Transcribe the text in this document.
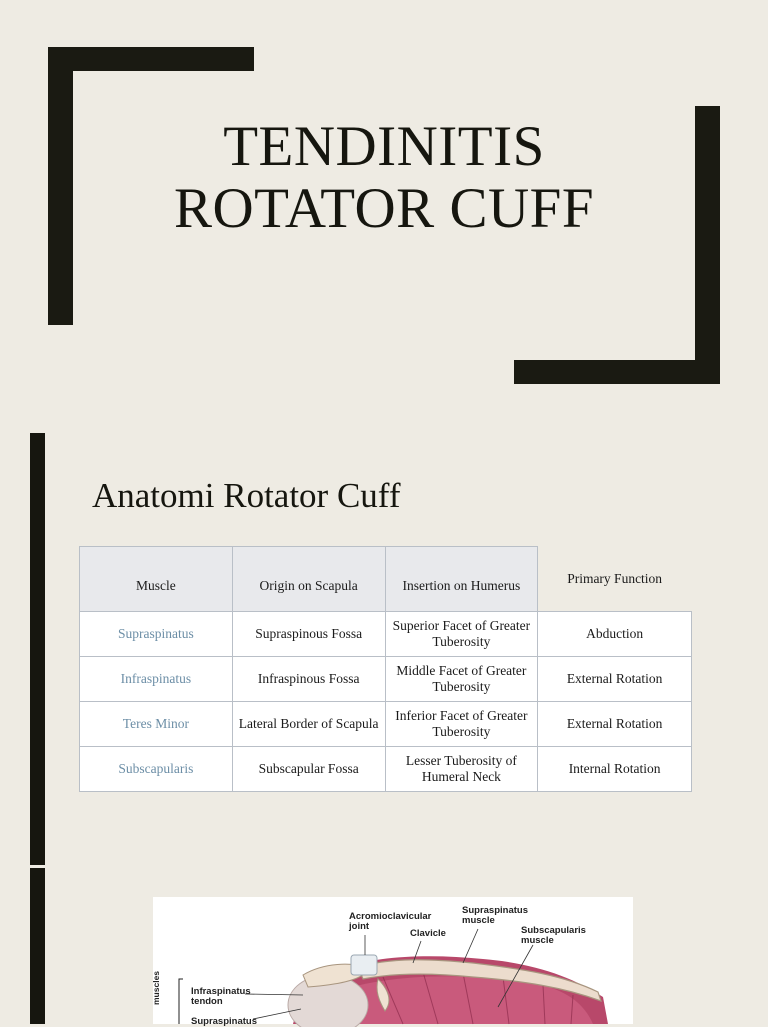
TENDINITIS
ROTATOR CUFF
Anatomi Rotator Cuff
Muscle	Origin on Scapula	Insertion on Humerus	Primary Function
Supraspinatus	Supraspinous Fossa	Superior Facet of Greater Tuberosity	Abduction
Infraspinatus	Infraspinous Fossa	Middle Facet of Greater Tuberosity	External Rotation
Teres Minor	Lateral Border of Scapula	Inferior Facet of Greater Tuberosity	External Rotation
Subscapularis	Subscapular Fossa	Lesser Tuberosity of Humeral Neck	Internal Rotation
Acromioclavicular joint
Clavicle
Supraspinatus muscle
Subscapularis muscle
Infraspinatus tendon
Supraspinatus
muscles
